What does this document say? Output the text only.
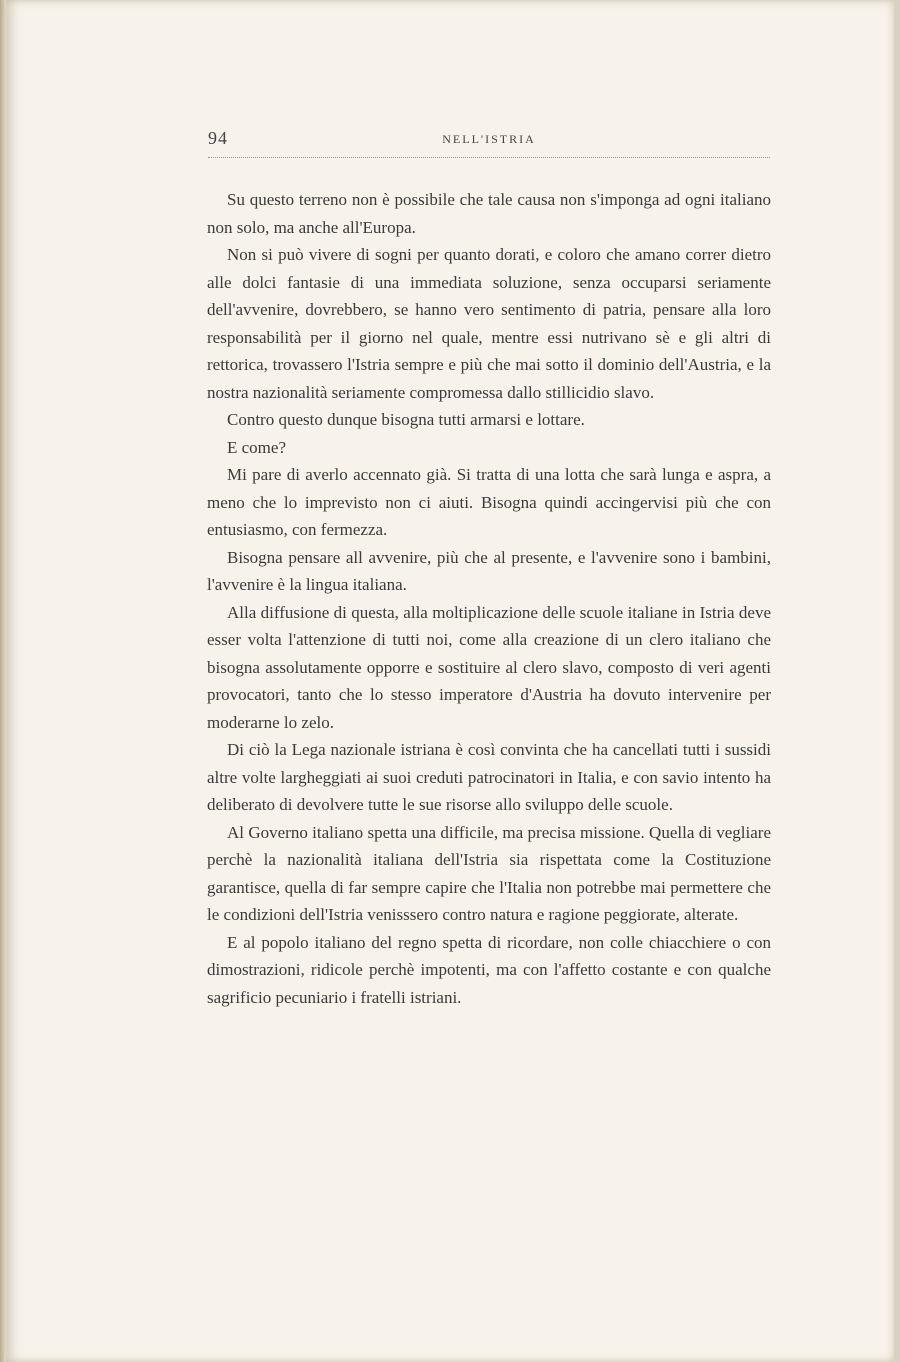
94	NELL'ISTRIA

Su questo terreno non è possibile che tale causa non s'imponga ad ogni italiano non solo, ma anche all'Europa.

Non si può vivere di sogni per quanto dorati, e coloro che amano correr dietro alle dolci fantasie di una immediata soluzione, senza occuparsi seriamente dell'avvenire, dovrebbero, se hanno vero sentimento di patria, pensare alla loro responsabilità per il giorno nel quale, mentre essi nutrivano sè e gli altri di rettorica, trovassero l'Istria sempre e più che mai sotto il dominio dell'Austria, e la nostra nazionalità seriamente compromessa dallo stillicidio slavo.

Contro questo dunque bisogna tutti armarsi e lottare.

E come?

Mi pare di averlo accennato già. Si tratta di una lotta che sarà lunga e aspra, a meno che lo imprevisto non ci aiuti. Bisogna quindi accingervisi più che con entusiasmo, con fermezza.

Bisogna pensare all avvenire, più che al presente, e l'avvenire sono i bambini, l'avvenire è la lingua italiana.

Alla diffusione di questa, alla moltiplicazione delle scuole italiane in Istria deve esser volta l'attenzione di tutti noi, come alla creazione di un clero italiano che bisogna assolutamente opporre e sostituire al clero slavo, composto di veri agenti provocatori, tanto che lo stesso imperatore d'Austria ha dovuto intervenire per moderarne lo zelo.

Di ciò la Lega nazionale istriana è così convinta che ha cancellati tutti i sussidi altre volte largheggiati ai suoi creduti patrocinatori in Italia, e con savio intento ha deliberato di devolvere tutte le sue risorse allo sviluppo delle scuole.

Al Governo italiano spetta una difficile, ma precisa missione. Quella di vegliare perchè la nazionalità italiana dell'Istria sia rispettata come la Costituzione garantisce, quella di far sempre capire che l'Italia non potrebbe mai permettere che le condizioni dell'Istria venisssero contro natura e ragione peggiorate, alterate.

E al popolo italiano del regno spetta di ricordare, non colle chiacchiere o con dimostrazioni, ridicole perchè impotenti, ma con l'affetto costante e con qualche sagrificio pecuniario i fratelli istriani.
